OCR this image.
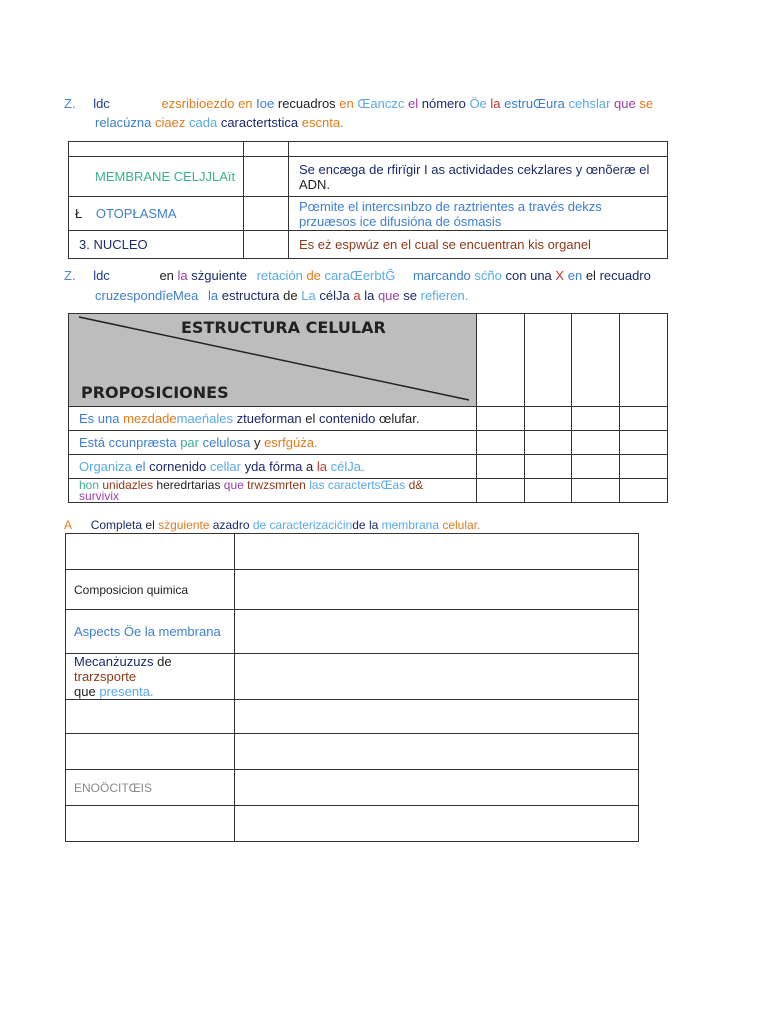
Z. ldc	ezsribioezdo en Ioe recuadros en Œanczc el nómero Öe la estruŒura cehslar que se
relacúzna ciaez cada caractertstica escnta.

MEMBRANE CELJJLAït		Se encæga de rfirïgir I as actividades cekzlares y œnõeræ el
ADN.

Ł OTOPŁASMA		Pœmite el intercsınbzo de raztrientes a través dekzs
przuæsos ice difusióna de ósmasis

3. NUCLEO		Es eż espwúz en el cual se encuentran kis organel
Z. ldc	en la sżguiente retación de caraŒerbtĞ marcando sćño con una X en el recuadro
cruzespondîeMea la estructura de La célJa a la que se refieren.
ESTRUCTURA CELULAR
PROPOSICIONES				

Es una mezdademaeńales ztueforman el contenido œlufar.				
Está ccunpræsta par celulosa y esrfgúża.				
Organiza el cornenido cellar yda fórma a la célJa.				
hon unidazles heredrtarias que trwzsmrten las caractertsŒas d&
survivix				
A Completa el sżguiente azadro de caracterizacićinde la membrana celular.

Composicion quimica	
Aspects Öe la membrana	
Mecanżuzuzs de trarzsporte
que presenta.	

ENOÖCITŒIS	
